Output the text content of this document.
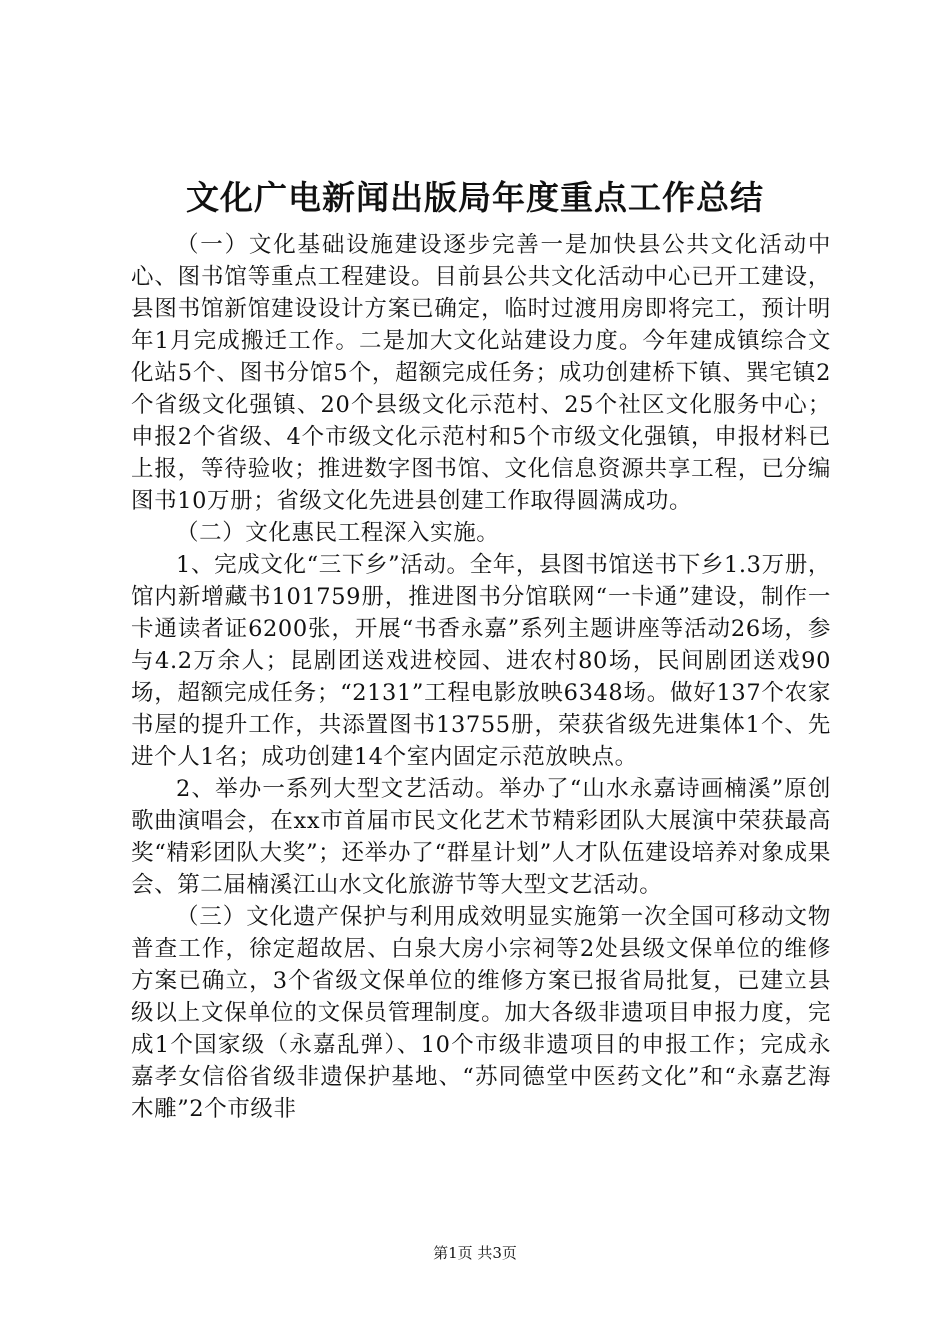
文化广电新闻出版局年度重点工作总结

（一）文化基础设施建设逐步完善一是加快县公共文化活动中心、图书馆等重点工程建设。目前县公共文化活动中心已开工建设，县图书馆新馆建设设计方案已确定，临时过渡用房即将完工，预计明年1月完成搬迁工作。二是加大文化站建设力度。今年建成镇综合文化站5个、图书分馆5个，超额完成任务；成功创建桥下镇、巽宅镇2个省级文化强镇、20个县级文化示范村、25个社区文化服务中心；申报2个省级、4个市级文化示范村和5个市级文化强镇，申报材料已上报，等待验收；推进数字图书馆、文化信息资源共享工程，已分编图书10万册；省级文化先进县创建工作取得圆满成功。

（二）文化惠民工程深入实施。

1、完成文化“三下乡”活动。全年，县图书馆送书下乡1.3万册，馆内新增藏书101759册，推进图书分馆联网“一卡通”建设，制作一卡通读者证6200张，开展“书香永嘉”系列主题讲座等活动26场，参与4.2万余人；昆剧团送戏进校园、进农村80场，民间剧团送戏90场，超额完成任务；“2131”工程电影放映6348场。做好137个农家书屋的提升工作，共添置图书13755册，荣获省级先进集体1个、先进个人1名；成功创建14个室内固定示范放映点。

2、举办一系列大型文艺活动。举办了“山水永嘉诗画楠溪”原创歌曲演唱会，在xx市首届市民文化艺术节精彩团队大展演中荣获最高奖“精彩团队大奖”；还举办了“群星计划”人才队伍建设培养对象成果会、第二届楠溪江山水文化旅游节等大型文艺活动。

（三）文化遗产保护与利用成效明显实施第一次全国可移动文物普查工作，徐定超故居、白泉大房小宗祠等2处县级文保单位的维修方案已确立，3个省级文保单位的维修方案已报省局批复，已建立县级以上文保单位的文保员管理制度。加大各级非遗项目申报力度，完成1个国家级（永嘉乱弹）、10个市级非遗项目的申报工作；完成永嘉孝女信俗省级非遗保护基地、“苏同德堂中医药文化”和“永嘉艺海木雕”2个市级非

第1页 共3页
